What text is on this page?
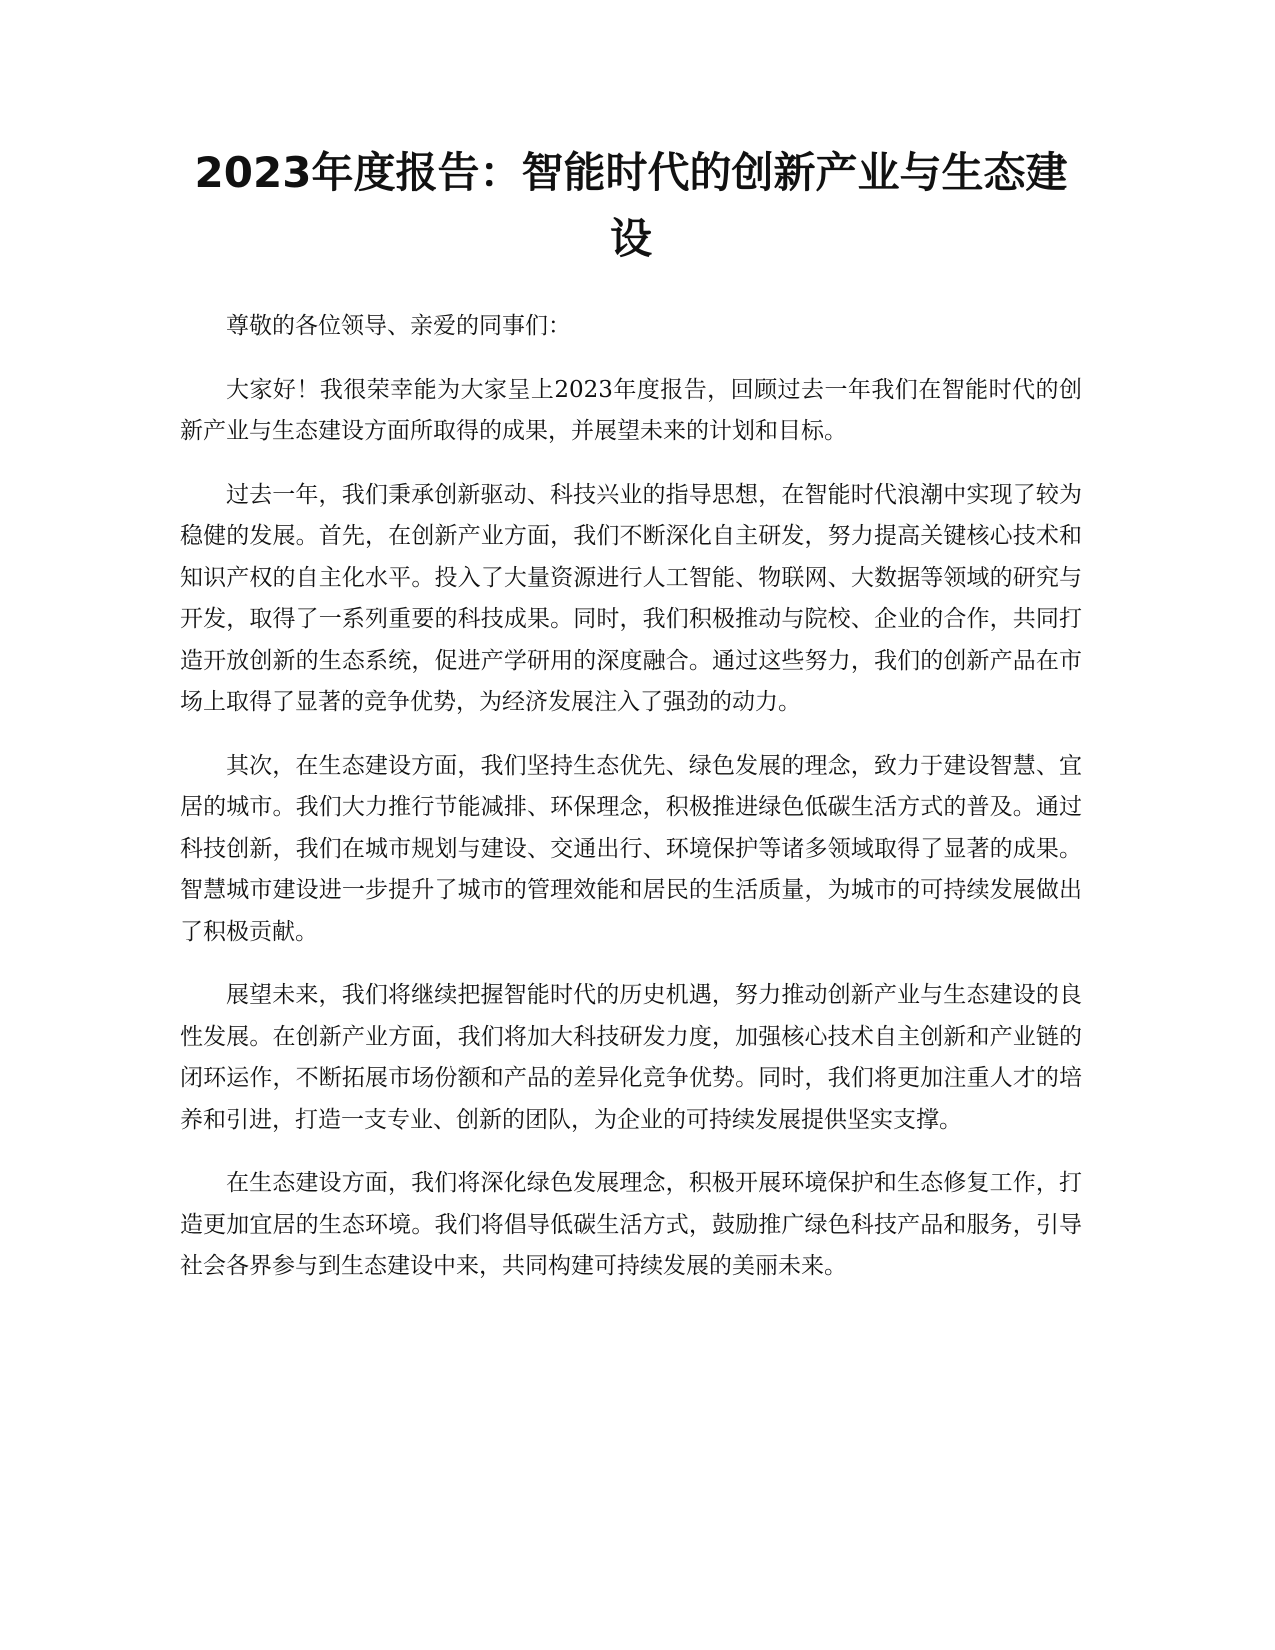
2023年度报告：智能时代的创新产业与生态建设

尊敬的各位领导、亲爱的同事们：

大家好！我很荣幸能为大家呈上2023年度报告，回顾过去一年我们在智能时代的创新产业与生态建设方面所取得的成果，并展望未来的计划和目标。

过去一年，我们秉承创新驱动、科技兴业的指导思想，在智能时代浪潮中实现了较为稳健的发展。首先，在创新产业方面，我们不断深化自主研发，努力提高关键核心技术和知识产权的自主化水平。投入了大量资源进行人工智能、物联网、大数据等领域的研究与开发，取得了一系列重要的科技成果。同时，我们积极推动与院校、企业的合作，共同打造开放创新的生态系统，促进产学研用的深度融合。通过这些努力，我们的创新产品在市场上取得了显著的竞争优势，为经济发展注入了强劲的动力。

其次，在生态建设方面，我们坚持生态优先、绿色发展的理念，致力于建设智慧、宜居的城市。我们大力推行节能减排、环保理念，积极推进绿色低碳生活方式的普及。通过科技创新，我们在城市规划与建设、交通出行、环境保护等诸多领域取得了显著的成果。智慧城市建设进一步提升了城市的管理效能和居民的生活质量，为城市的可持续发展做出了积极贡献。

展望未来，我们将继续把握智能时代的历史机遇，努力推动创新产业与生态建设的良性发展。在创新产业方面，我们将加大科技研发力度，加强核心技术自主创新和产业链的闭环运作，不断拓展市场份额和产品的差异化竞争优势。同时，我们将更加注重人才的培养和引进，打造一支专业、创新的团队，为企业的可持续发展提供坚实支撑。

在生态建设方面，我们将深化绿色发展理念，积极开展环境保护和生态修复工作，打造更加宜居的生态环境。我们将倡导低碳生活方式，鼓励推广绿色科技产品和服务，引导社会各界参与到生态建设中来，共同构建可持续发展的美丽未来。
